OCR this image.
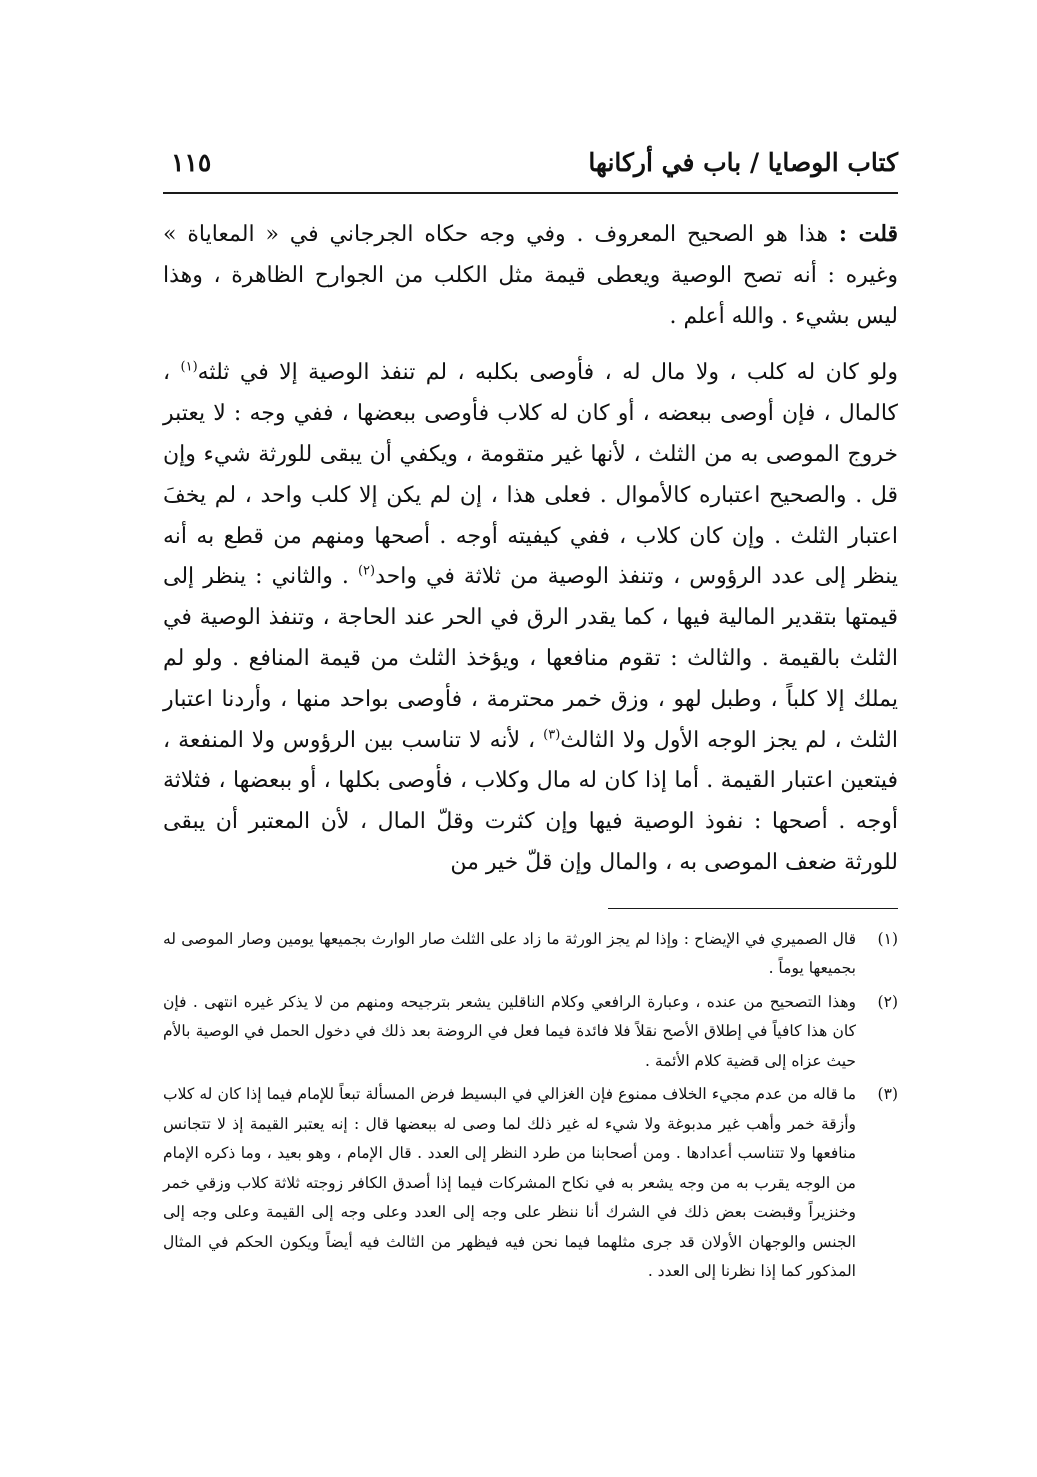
كتاب الوصايا / باب في أركانها
١١٥

قلت : هذا هو الصحيح المعروف . وفي وجه حكاه الجرجاني في « المعاياة » وغيره : أنه تصح الوصية ويعطى قيمة مثل الكلب من الجوارح الظاهرة ، وهذا ليس بشيء . والله أعلم .

ولو كان له كلب ، ولا مال له ، فأوصى بكلبه ، لم تنفذ الوصية إلا في ثلثه$^{(١)}$ ، كالمال ، فإن أوصى ببعضه ، أو كان له كلاب فأوصى ببعضها ، ففي وجه : لا يعتبر خروج الموصى به من الثلث ، لأنها غير متقومة ، ويكفي أن يبقى للورثة شيء وإن قل . والصحيح اعتباره كالأموال . فعلى هذا ، إن لم يكن إلا كلب واحد ، لم يخفَ اعتبار الثلث . وإن كان كلاب ، ففي كيفيته أوجه . أصحها ومنهم من قطع به أنه ينظر إلى عدد الرؤوس ، وتنفذ الوصية من ثلاثة في واحد$^{(٢)}$ . والثاني : ينظر إلى قيمتها بتقدير المالية فيها ، كما يقدر الرق في الحر عند الحاجة ، وتنفذ الوصية في الثلث بالقيمة . والثالث : تقوم منافعها ، ويؤخذ الثلث من قيمة المنافع . ولو لم يملك إلا كلباً ، وطبل لهو ، وزق خمر محترمة ، فأوصى بواحد منها ، وأردنا اعتبار الثلث ، لم يجز الوجه الأول ولا الثالث$^{(٣)}$ ، لأنه لا تناسب بين الرؤوس ولا المنفعة ، فيتعين اعتبار القيمة . أما إذا كان له مال وكلاب ، فأوصى بكلها ، أو ببعضها ، فثلاثة أوجه . أصحها : نفوذ الوصية فيها وإن كثرت وقلّ المال ، لأن المعتبر أن يبقى للورثة ضعف الموصى به ، والمال وإن قلّ خير من

(١)
قال الصميري في الإيضاح : وإذا لم يجز الورثة ما زاد على الثلث صار الوارث بجميعها يومين وصار الموصى له بجميعها يوماً .
(٢)
وهذا التصحيح من عنده ، وعبارة الرافعي وكلام الناقلين يشعر بترجيحه ومنهم من لا يذكر غيره انتهى . فإن كان هذا كافياً في إطلاق الأصح نقلاً فلا فائدة فيما فعل في الروضة بعد ذلك في دخول الحمل في الوصية بالأم حيث عزاه إلى قضية كلام الأئمة .
(٣)
ما قاله من عدم مجيء الخلاف ممنوع فإن الغزالي في البسيط فرض المسألة تبعاً للإمام فيما إذا كان له كلاب وأزقة خمر وأهب غير مدبوغة ولا شيء له غير ذلك لما وصى له ببعضها قال : إنه يعتبر القيمة إذ لا تتجانس منافعها ولا تتناسب أعدادها . ومن أصحابنا من طرد النظر إلى العدد . قال الإمام ، وهو بعيد ، وما ذكره الإمام من الوجه يقرب به من وجه يشعر به في نكاح المشركات فيما إذا أصدق الكافر زوجته ثلاثة كلاب وزقي خمر وخنزيراً وقبضت بعض ذلك في الشرك أنا ننظر على وجه إلى العدد وعلى وجه إلى القيمة وعلى وجه إلى الجنس والوجهان الأولان قد جرى مثلهما فيما نحن فيه فيظهر من الثالث فيه أيضاً ويكون الحكم في المثال المذكور كما إذا نظرنا إلى العدد .
